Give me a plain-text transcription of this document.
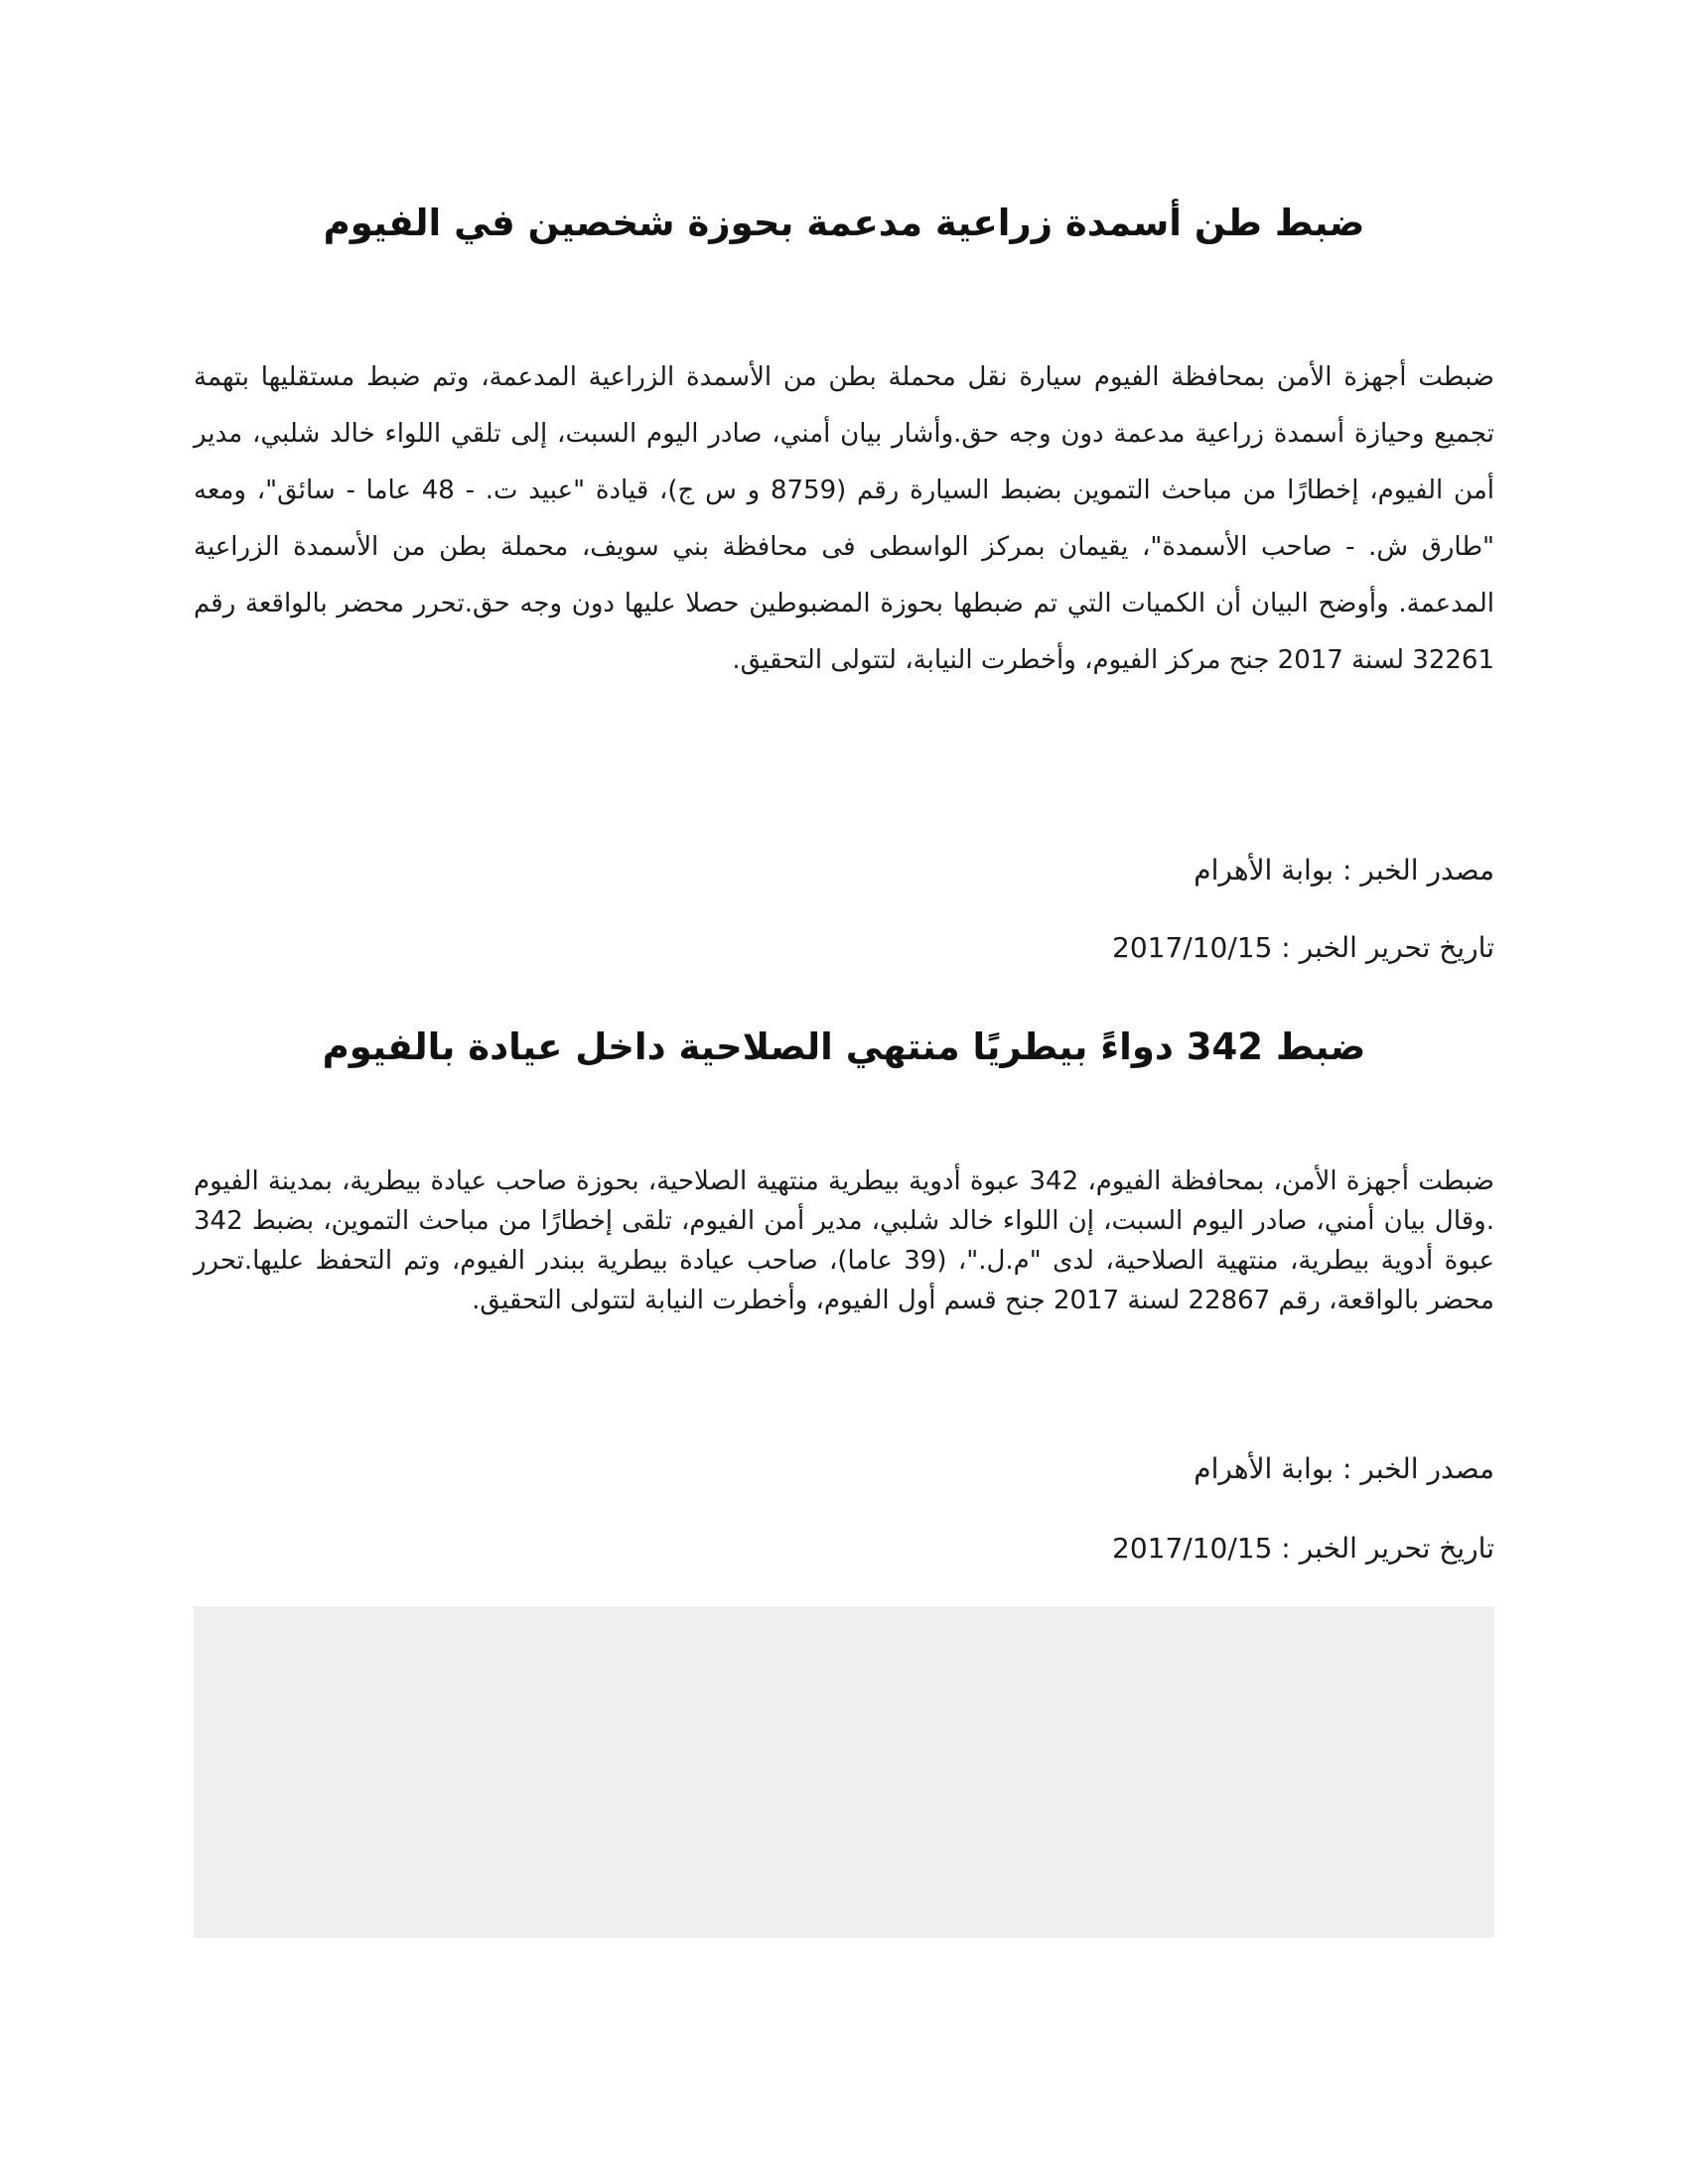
ضبط طن أسمدة زراعية مدعمة بحوزة شخصين في الفيوم

ضبطت أجهزة الأمن بمحافظة الفيوم سيارة نقل محملة بطن من الأسمدة الزراعية المدعمة، وتم ضبط مستقليها بتهمة تجميع وحيازة أسمدة زراعية مدعمة دون وجه حق.وأشار بيان أمني، صادر اليوم السبت، إلى تلقي اللواء خالد شلبي، مدير أمن الفيوم، إخطارًا من مباحث التموين بضبط السيارة رقم (8759 و س ج)، قيادة "عبيد ت. - 48 عاما - سائق"، ومعه "طارق ش. - صاحب الأسمدة"، يقيمان بمركز الواسطى فى محافظة بني سويف، محملة بطن من الأسمدة الزراعية المدعمة. وأوضح البيان أن الكميات التي تم ضبطها بحوزة المضبوطين حصلا عليها دون وجه حق.تحرر محضر بالواقعة رقم 32261 لسنة 2017 جنح مركز الفيوم، وأخطرت النيابة، لتتولى التحقيق.

مصدر الخبر : بوابة الأهرام

تاريخ تحرير الخبر : 2017/10/15

ضبط 342 دواءً بيطريًا منتهي الصلاحية داخل عيادة بالفيوم

ضبطت أجهزة الأمن، بمحافظة الفيوم، 342 عبوة أدوية بيطرية منتهية الصلاحية، بحوزة صاحب عيادة بيطرية، بمدينة الفيوم .وقال بيان أمني، صادر اليوم السبت، إن اللواء خالد شلبي، مدير أمن الفيوم، تلقى إخطارًا من مباحث التموين، بضبط 342 عبوة أدوية بيطرية، منتهية الصلاحية، لدى "م.ل."، (39 عاما)، صاحب عيادة بيطرية ببندر الفيوم، وتم التحفظ عليها.تحرر محضر بالواقعة، رقم 22867 لسنة 2017 جنح قسم أول الفيوم، وأخطرت النيابة لتتولى التحقيق.

مصدر الخبر : بوابة الأهرام

تاريخ تحرير الخبر : 2017/10/15
